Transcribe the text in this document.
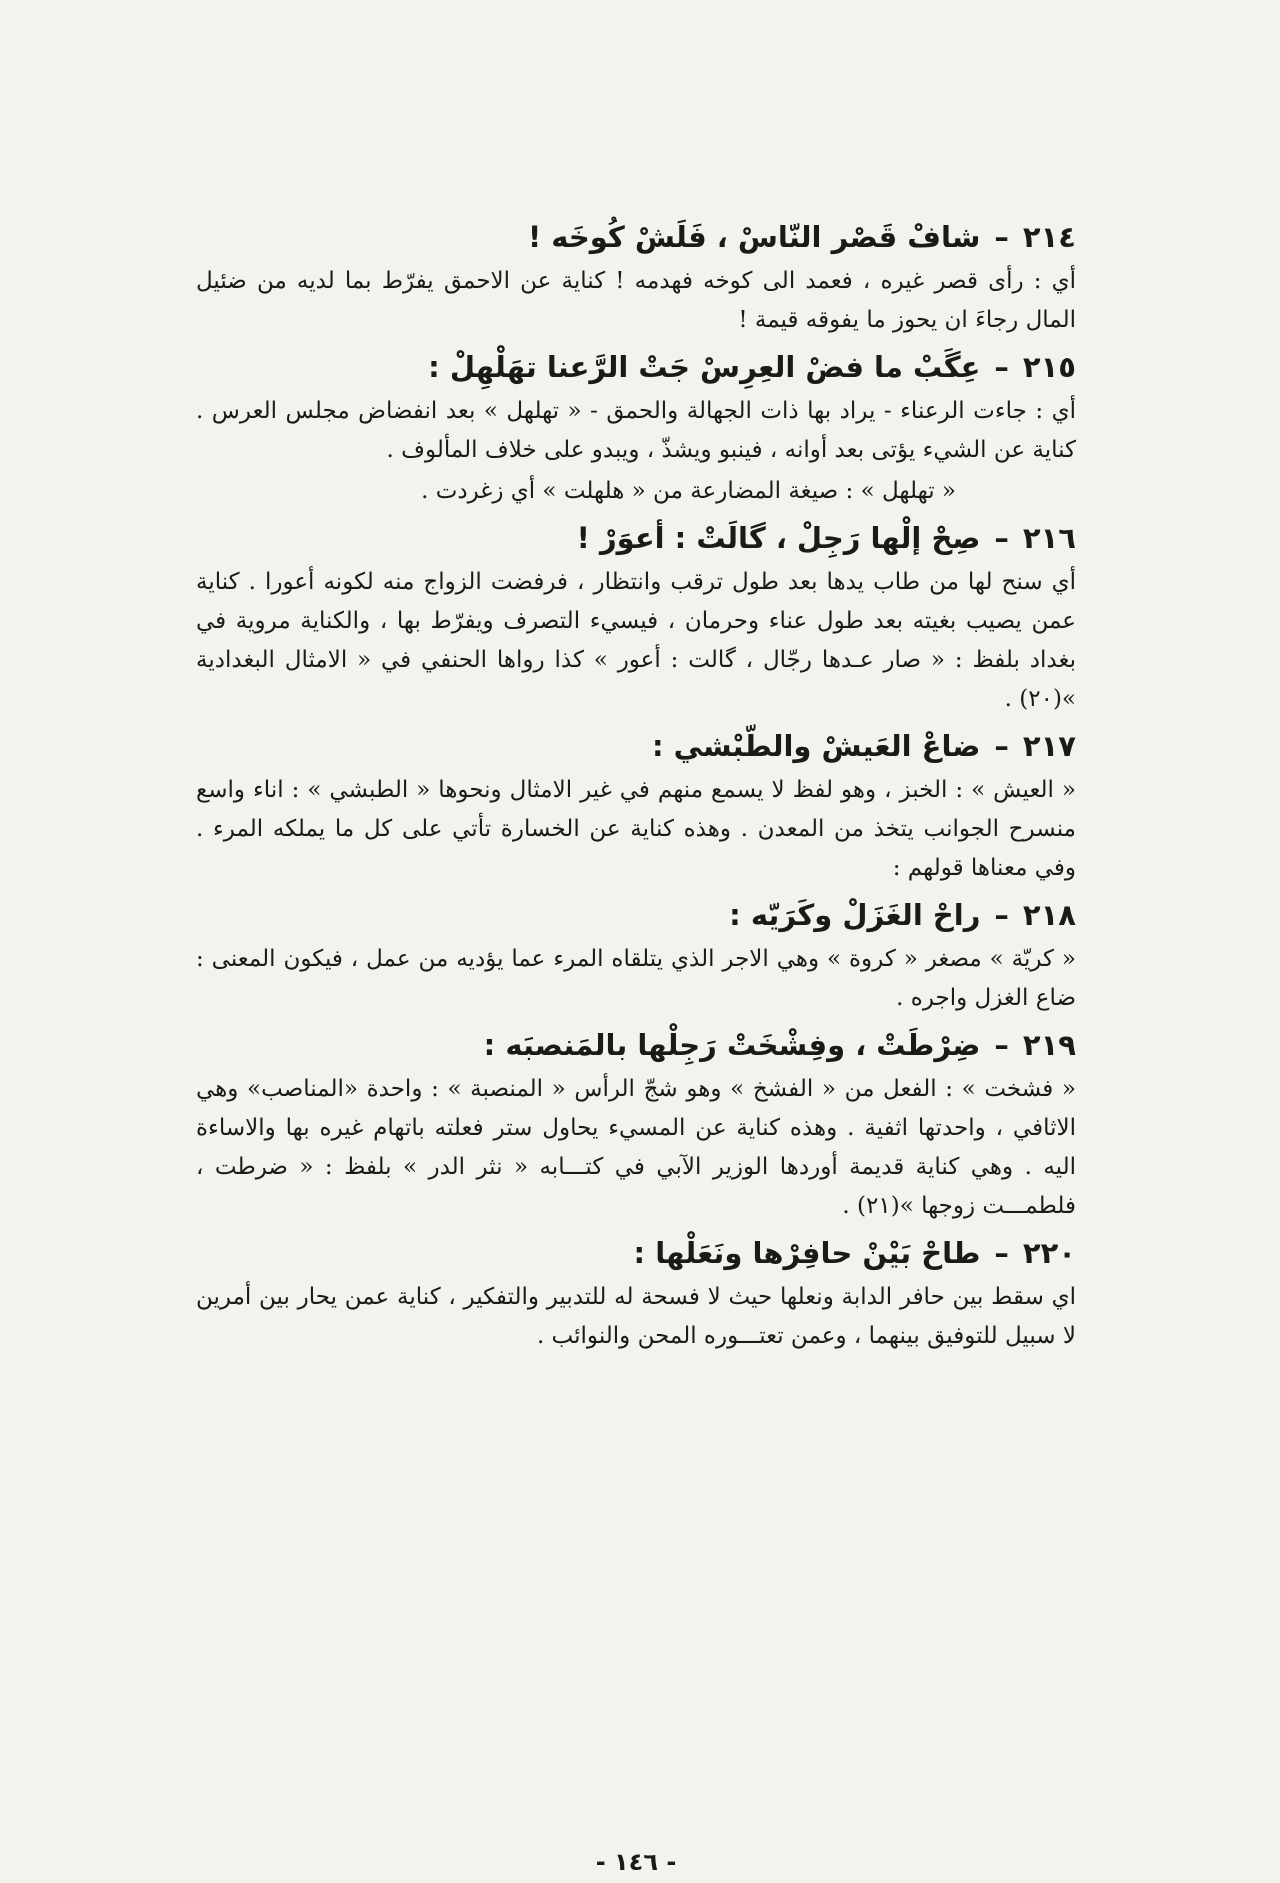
٢١٤–شافْ قَصْر النّاسْ ، فَلَشْ كُوخَه !

أي : رأى قصر غيره ، فعمد الى كوخه فهدمه ! كناية عن الاحمق يفرّط بما لديه من ضئيل المال رجاءَ ان يحوز ما يفوقه قيمة !

٢١٥–عِگَبْ ما فضْ العِرِسْ جَتْ الرَّعنا تهَلْهِلْ :

أي : جاءت الرعناء - يراد بها ذات الجهالة والحمق - « تهلهل » بعد انفضاض مجلس العرس . كناية عن الشيء يؤتى بعد أوانه ، فينبو ويشذّ ، ويبدو على خلاف المألوف .

« تهلهل » : صيغة المضارعة من « هلهلت » أي زغردت .

٢١٦–صِحْ إلْها رَجِلْ ، گالَتْ : أعوَرْ !

أي سنح لها من طاب يدها بعد طول ترقب وانتظار ، فرفضت الزواج منه لكونه أعورا . كناية عمن يصيب بغيته بعد طول عناء وحرمان ، فيسيء التصرف ويفرّط بها ، والكناية مروية في بغداد بلفظ : « صار عـدها رجّال ، گالت : أعور » كذا رواها الحنفي في « الامثال البغدادية »(٢٠) .

٢١٧–ضاعْ العَيشْ والطّبْشي :

« العيش » : الخبز ، وهو لفظ لا يسمع منهم في غير الامثال ونحوها « الطبشي » : اناء واسع منسرح الجوانب يتخذ من المعدن . وهذه كناية عن الخسارة تأتي على كل ما يملكه المرء . وفي معناها قولهم :

٢١٨–راحْ الغَزَلْ وكَرَيّه :

« كريّة » مصغر « كروة » وهي الاجر الذي يتلقاه المرء عما يؤديه من عمل ، فيكون المعنى : ضاع الغزل واجره .

٢١٩–ضِرْطَتْ ، وفِشْخَتْ رَجِلْها بالمَنصبَه :

« فشخت » : الفعل من « الفشخ » وهو شجّ الرأس « المنصبة » : واحدة «المناصب» وهي الاثافي ، واحدتها اثفية . وهذه كناية عن المسيء يحاول ستر فعلته باتهام غيره بها والاساءة اليه . وهي كناية قديمة أوردها الوزير الآبي في كتـــابه « نثر الدر » بلفظ : « ضرطت ، فلطمـــت زوجها »(٢١) .

٢٢٠–طاحْ بَيْنْ حافِرْها ونَعَلْها :

اي سقط بين حافر الدابة ونعلها حيث لا فسحة له للتدبير والتفكير ، كناية عمن يحار بين أمرين لا سبيل للتوفيق بينهما ، وعمن تعتـــوره المحن والنوائب .

- ١٤٦ -
